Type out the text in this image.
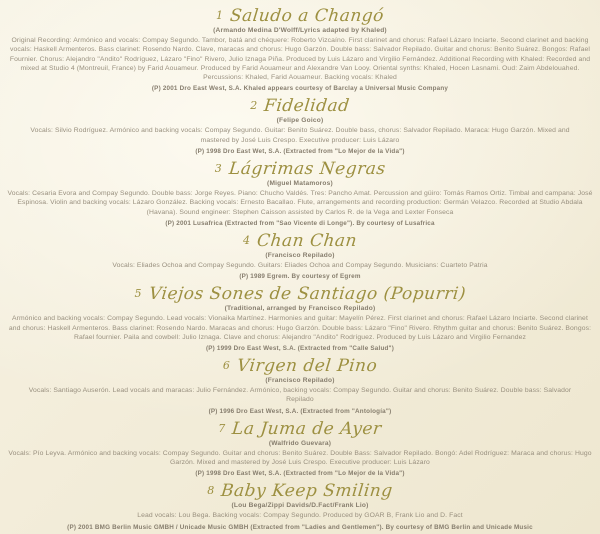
1 Saludo a Changó
(Armando Medina D'Wolff/Lyrics adapted by Khaled)
Original Recording: Armónico and vocals: Compay Segundo. Tambor, batá and chéquere: Roberto Vizcaíno. First clarinet and chorus: Rafael Lázaro Inciarte. Second clarinet and backing vocals: Haskell Armenteros. Bass clarinet: Rosendo Nardo. Clave, maracas and chorus: Hugo Garzón. Double bass: Salvador Repilado. Guitar and chorus: Benito Suárez. Bongos: Rafael Fournier. Chorus: Alejandro "Andito" Rodríguez, Lázaro "Fino" Rivero, Julio Iznaga Piña. Produced by Luis Lázaro and Virgilio Fernández. Additional Recording with Khaled: Recorded and mixed at Studio 4 (Montreuil, France) by Farid Aouameur. Produced by Farid Aouameur and Alexandre Van Looy. Oriental synths: Khaled, Hocen Lasnami. Oud: Zaim Abdelouahed. Percussions: Khaled, Farid Aouameur. Backing vocals: Khaled
(P) 2001 Dro East West, S.A. Khaled appears courtesy of Barclay a Universal Music Company
2 Fidelidad
(Felipe Goico)
Vocals: Silvio Rodríguez. Armónico and backing vocals: Compay Segundo. Guitar: Benito Suárez. Double bass, chorus: Salvador Repilado. Maraca: Hugo Garzón. Mixed and mastered by José Luis Crespo. Executive producer: Luis Lázaro
(P) 1998 Dro East Wet, S.A. (Extracted from "Lo Mejor de la Vida")
3 Lágrimas Negras
(Miguel Matamoros)
Vocals: Cesaria Evora and Compay Segundo. Double bass: Jorge Reyes. Piano: Chucho Valdés. Tres: Pancho Amat. Percussion and güiro: Tomás Ramos Ortiz. Timbal and campana: José Espinosa. Violin and backing vocals: Lázaro González. Backing vocals: Ernesto Bacallao. Flute, arrangements and recording production: Germán Velazco. Recorded at Studio Abdala (Havana). Sound engineer: Stephen Caisson assisted by Carlos R. de la Vega and Lexter Fonseca
(P) 2001 Lusafrica (Extracted from "Sao Vicente di Longe"). By courtesy of Lusafrica
4 Chan Chan
(Francisco Repilado)
Vocals: Eliades Ochoa and Compay Segundo. Guitars: Eliades Ochoa and Compay Segundo. Musicians: Cuarteto Patria
(P) 1989 Egrem. By courtesy of Egrem
5 Viejos Sones de Santiago (Popurri)
(Traditional, arranged by Francisco Repilado)
Armónico and backing vocals: Compay Segundo. Lead vocals: Vionaika Martínez. Harmonies and guitar: Mayelín Pérez. First clarinet and chorus: Rafael Lázaro Inciarte. Second clarinet and chorus: Haskell Armenteros. Bass clarinet: Rosendo Nardo. Maracas and chorus: Hugo Garzón. Double bass: Lázaro "Fino" Rivero. Rhythm guitar and chorus: Benito Suárez. Bongos: Rafael fournier. Paila and cowbell: Julio Iznaga. Clave and chorus: Alejandro "Andito" Rodríguez. Produced by Luis Lázaro and Virgilio Fernandez
(P) 1999 Dro East West, S.A. (Extracted from "Calle Salud")
6 Virgen del Pino
(Francisco Repilado)
Vocals: Santiago Auserón. Lead vocals and maracas: Julio Fernández. Armónico, backing vocals: Compay Segundo. Guitar and chorus: Benito Suárez. Double bass: Salvador Repilado
(P) 1996 Dro East West, S.A. (Extracted from "Antología")
7 La Juma de Ayer
(Walfrido Guevara)
Vocals: Pío Leyva. Armónico and backing vocals: Compay Segundo. Guitar and chorus: Benito Suárez. Double Bass: Salvador Repilado. Bongó: Adel Rodríguez: Maraca and chorus: Hugo Garzón. Mixed and mastered by José Luis Crespo. Executive producer: Luis Lázaro
(P) 1998 Dro East Wet, S.A. (Extracted from "Lo Mejor de la Vida")
8 Baby Keep Smiling
(Lou Bega/Zippi Davids/D.Fact/Frank Lio)
Lead vocals: Lou Bega. Backing vocals: Compay Segundo. Produced by GOAR B, Frank Lio and D. Fact
(P) 2001 BMG Berlin Music GMBH / Unicade Music GMBH (Extracted from "Ladies and Gentlemen"). By courtesy of BMG Berlin and Unicade Music
